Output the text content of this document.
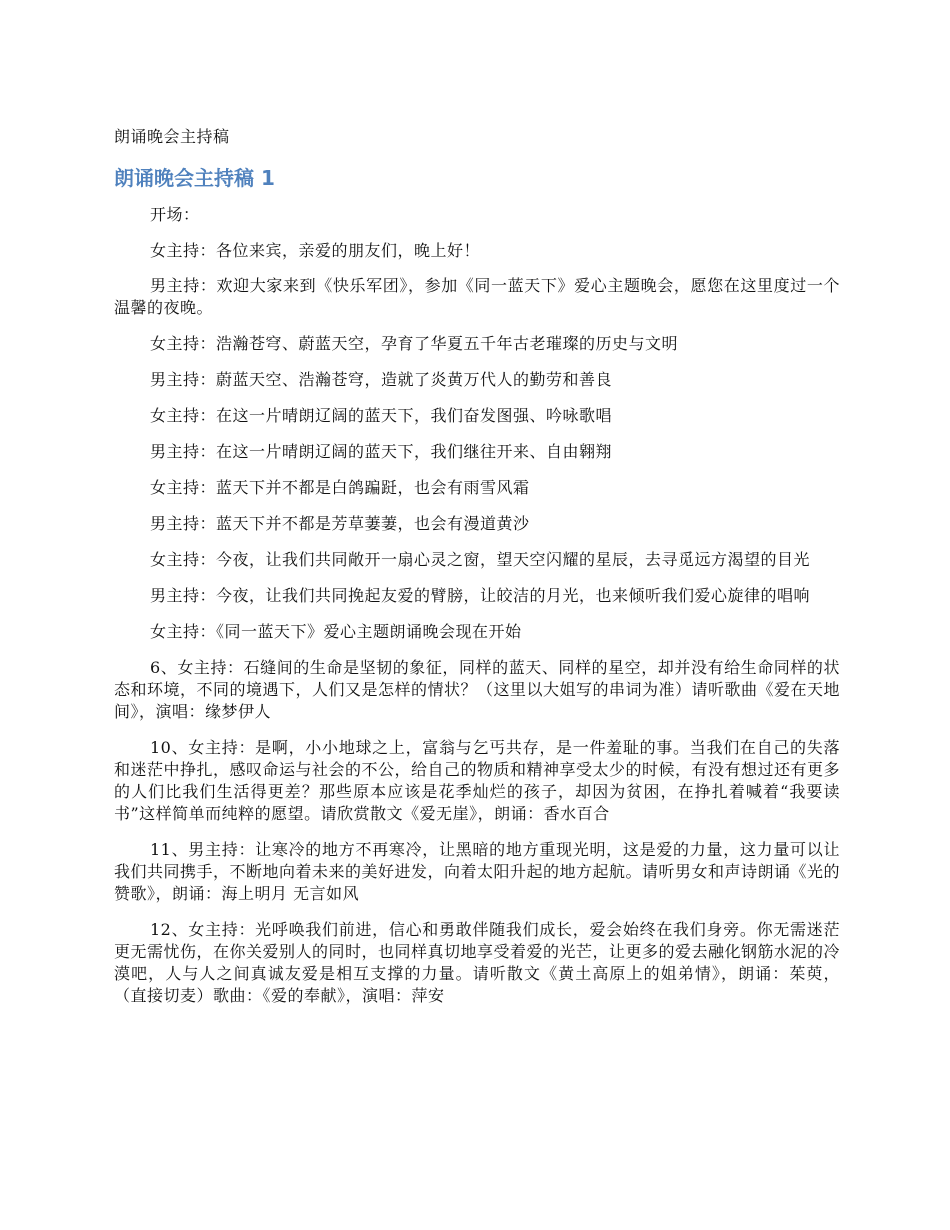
朗诵晚会主持稿
朗诵晚会主持稿 1

开场：

女主持：各位来宾，亲爱的朋友们，晚上好！

男主持：欢迎大家来到《快乐军团》，参加《同一蓝天下》爱心主题晚会，愿您在这里度过一个温馨的夜晚。

女主持：浩瀚苍穹、蔚蓝天空，孕育了华夏五千年古老璀璨的历史与文明

男主持：蔚蓝天空、浩瀚苍穹，造就了炎黄万代人的勤劳和善良

女主持：在这一片晴朗辽阔的蓝天下，我们奋发图强、吟咏歌唱

男主持：在这一片晴朗辽阔的蓝天下，我们继往开来、自由翱翔

女主持：蓝天下并不都是白鸽蹁跹，也会有雨雪风霜

男主持：蓝天下并不都是芳草萋萋，也会有漫道黄沙

女主持：今夜，让我们共同敞开一扇心灵之窗，望天空闪耀的星辰，去寻觅远方渴望的目光

男主持：今夜，让我们共同挽起友爱的臂膀，让皎洁的月光，也来倾听我们爱心旋律的唱响

女主持：《同一蓝天下》爱心主题朗诵晚会现在开始

6、女主持：石缝间的生命是坚韧的象征，同样的蓝天、同样的星空，却并没有给生命同样的状态和环境，不同的境遇下，人们又是怎样的情状？（这里以大姐写的串词为准）请听歌曲《爱在天地间》，演唱：缘梦伊人

10、女主持：是啊，小小地球之上，富翁与乞丐共存，是一件羞耻的事。当我们在自己的失落和迷茫中挣扎，感叹命运与社会的不公，给自己的物质和精神享受太少的时候，有没有想过还有更多的人们比我们生活得更差？那些原本应该是花季灿烂的孩子，却因为贫困，在挣扎着喊着“我要读书”这样简单而纯粹的愿望。请欣赏散文《爱无崖》，朗诵：香水百合

11、男主持：让寒冷的地方不再寒冷，让黑暗的地方重现光明，这是爱的力量，这力量可以让我们共同携手，不断地向着未来的美好进发，向着太阳升起的地方起航。请听男女和声诗朗诵《光的赞歌》，朗诵：海上明月 无言如风

12、女主持：光呼唤我们前进，信心和勇敢伴随我们成长，爱会始终在我们身旁。你无需迷茫更无需忧伤，在你关爱别人的同时，也同样真切地享受着爱的光芒，让更多的爱去融化钢筋水泥的冷漠吧，人与人之间真诚友爱是相互支撑的力量。请听散文《黄土高原上的姐弟情》，朗诵：茱萸，（直接切麦）歌曲：《爱的奉献》，演唱：萍安
